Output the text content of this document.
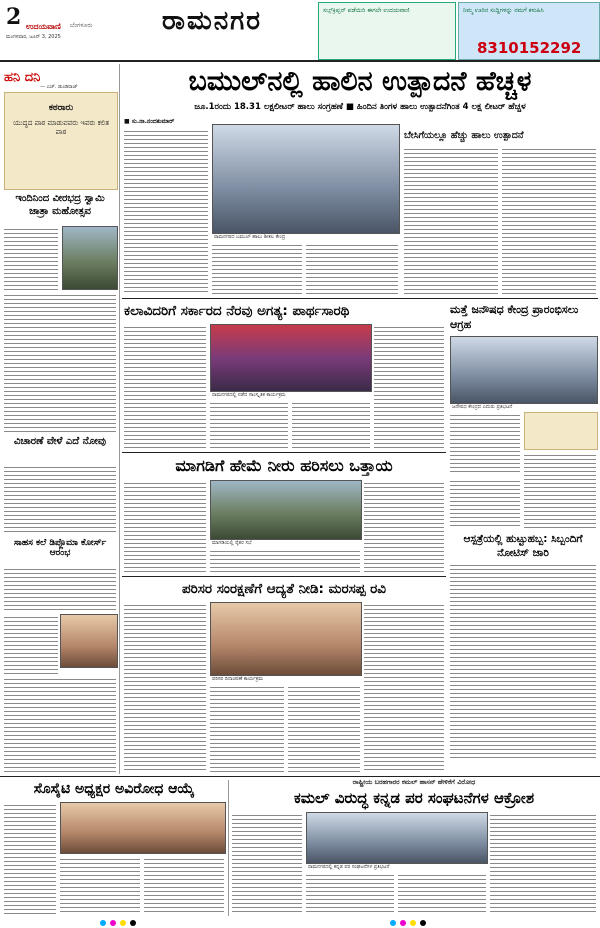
2 ಉದಯವಾಣಿ ಬೆಂಗಳೂರು
ಮಂಗಳವಾರ, ಜೂನ್ 3, 2025
ರಾಮನಗರ	ಸಬ್ಸ್‌ಕ್ರಿಪ್ಷನ್ ಪಡೆಯಿರಿ ಈಗಲೇ ಉದಯವಾಣಿ	ನಿಮ್ಮ ಊರಿನ ಸುದ್ದಿಗಳನ್ನು ನಮಗೆ ಕಳುಹಿಸಿ
8310152292
ಹನಿ ದನಿ
— ಎಚ್. ಡುಂಡಿರಾಜ್
ಕಠರಾರು
ಯುದ್ಧದ ಪಾಠ ಮಾಡುವವರು ಇವರು ಕಲಿತ ಪಾಠ
ಇಂದಿನಿಂದ ವೀರಭದ್ರ ಸ್ವಾಮಿ ಜಾತ್ರಾ ಮಹೋತ್ಸವ
ವಿಚಾರಣೆ ವೇಳೆ ಎದೆ ನೋವು
ಸಾಹಸ ಕಲೆ ಡಿಪ್ಲೊಮಾ ಕೋರ್ಸ್ ಆರಂಭ
ಬಮುಲ್‌ನಲ್ಲಿ ಹಾಲಿನ ಉತ್ಪಾದನೆ ಹೆಚ್ಚಳ
ಜೂ.1ರಂದು 18.31 ಲಕ್ಷಲೀಟರ್ ಹಾಲು ಸಂಗ್ರಹಣೆ ■ ಹಿಂದಿನ ತಿಂಗಳ ಹಾಲು ಉತ್ಪಾದನೆಗಿಂತ 4 ಲಕ್ಷ ಲೀಟರ್ ಹೆಚ್ಚಳ
■ ಸು.ನಾ.ನಂದಕುಮಾರ್
ರಾಮನಗರದ ಬಮುಲ್ ಹಾಲು ಶೀತಲ ಕೇಂದ್ರ
ಬೇಸಿಗೆಯಲ್ಲೂ ಹೆಚ್ಚು ಹಾಲು ಉತ್ಪಾದನೆ
ಕಲಾವಿದರಿಗೆ ಸರ್ಕಾರದ ನೆರವು ಅಗತ್ಯ: ಪಾರ್ಥಸಾರಥಿ
ರಾಮನಗರದಲ್ಲಿ ನಡೆದ ಸಾಂಸ್ಕೃತಿಕ ಕಾರ್ಯಕ್ರಮ
ಮತ್ತೆ ಜನೌಷಧ ಕೇಂದ್ರ ಪ್ರಾರಂಭಿಸಲು ಆಗ್ರಹ
ಜನೌಷಧ ಕೇಂದ್ರದ ಎದುರು ಪ್ರತಿಭಟನೆ
ಮಾಗಡಿಗೆ ಹೇಮೆ ನೀರು ಹರಿಸಲು ಒತ್ತಾಯ
ಮಾಗಡಿಯಲ್ಲಿ ರೈತರ ಸಭೆ	ಆಸ್ಪತ್ರೆಯಲ್ಲಿ ಹುಟ್ಟುಹಬ್ಬ: ಸಿಬ್ಬಂದಿಗೆ ನೋಟಿಸ್ ಜಾರಿ
ಪರಿಸರ ಸಂರಕ್ಷಣೆಗೆ ಆದ್ಯತೆ ನೀಡಿ: ಮರಸಪ್ಪ ರವಿ
ಪರಿಸರ ದಿನಾಚರಣೆ ಕಾರ್ಯಕ್ರಮ
ಸೊಸೈಟಿ ಅಧ್ಯಕ್ಷರ ಅವಿರೋಧ ಆಯ್ಕೆ	ರಾಷ್ಟ್ರೀಯ ಬರಹಗಾರರ ಕಮಲ್ ಹಾಸನ್ ಹೇಳಿಕೆಗೆ ವಿರೋಧ
ಕಮಲ್ ವಿರುದ್ಧ ಕನ್ನಡ ಪರ ಸಂಘಟನೆಗಳ ಆಕ್ರೋಶ
ರಾಮನಗರದಲ್ಲಿ ಕನ್ನಡ ಪರ ಸಂಘಟನೆಗಳ ಪ್ರತಿಭಟನೆ
